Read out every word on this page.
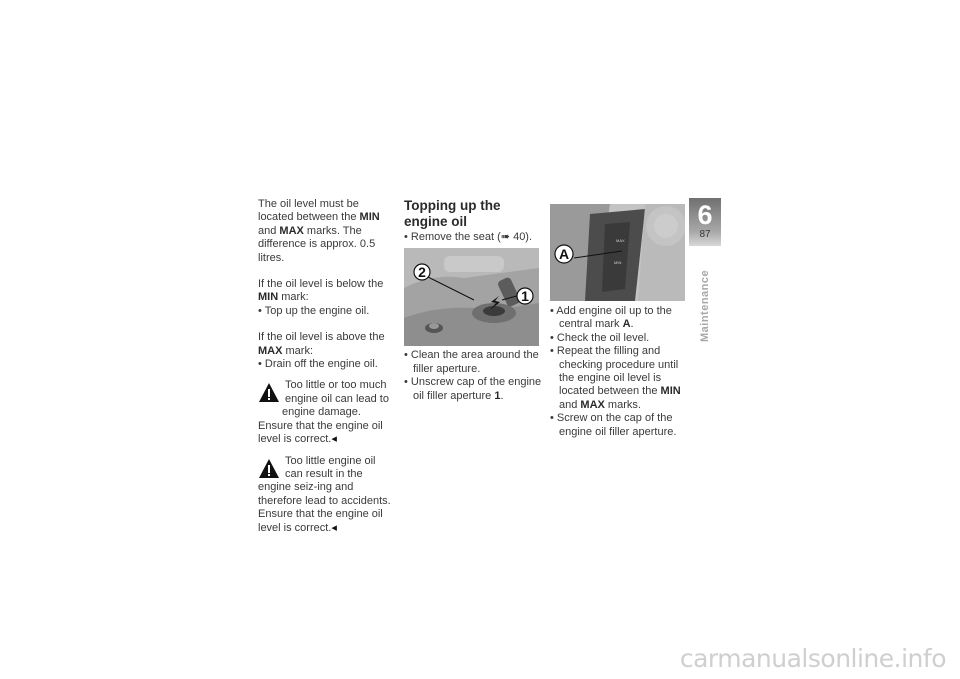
The oil level must be located between the MIN and MAX marks. The difference is approx. 0.5 litres.

If the oil level is below the MIN mark:
• Top up the engine oil.

If the oil level is above the MAX mark:
• Drain off the engine oil.

Too little or too much engine oil can lead to engine damage.

Ensure that the engine oil level is correct.◂

Too little engine oil can result in the engine seiz-ing and therefore lead to accidents.

Ensure that the engine oil level is correct.◂

Topping up the engine oil

• Remove the seat (➠ 40).

2
1

• Clean the area around the filler aperture.

• Unscrew cap of the engine oil filler aperture 1.

MAX
MIN
A

• Add engine oil up to the central mark A.

• Check the oil level.

• Repeat the filling and checking procedure until the engine oil level is located between the MIN and MAX marks.

• Screw on the cap of the engine oil filler aperture.

6
87
Maintenance
carmanualsonline.info
